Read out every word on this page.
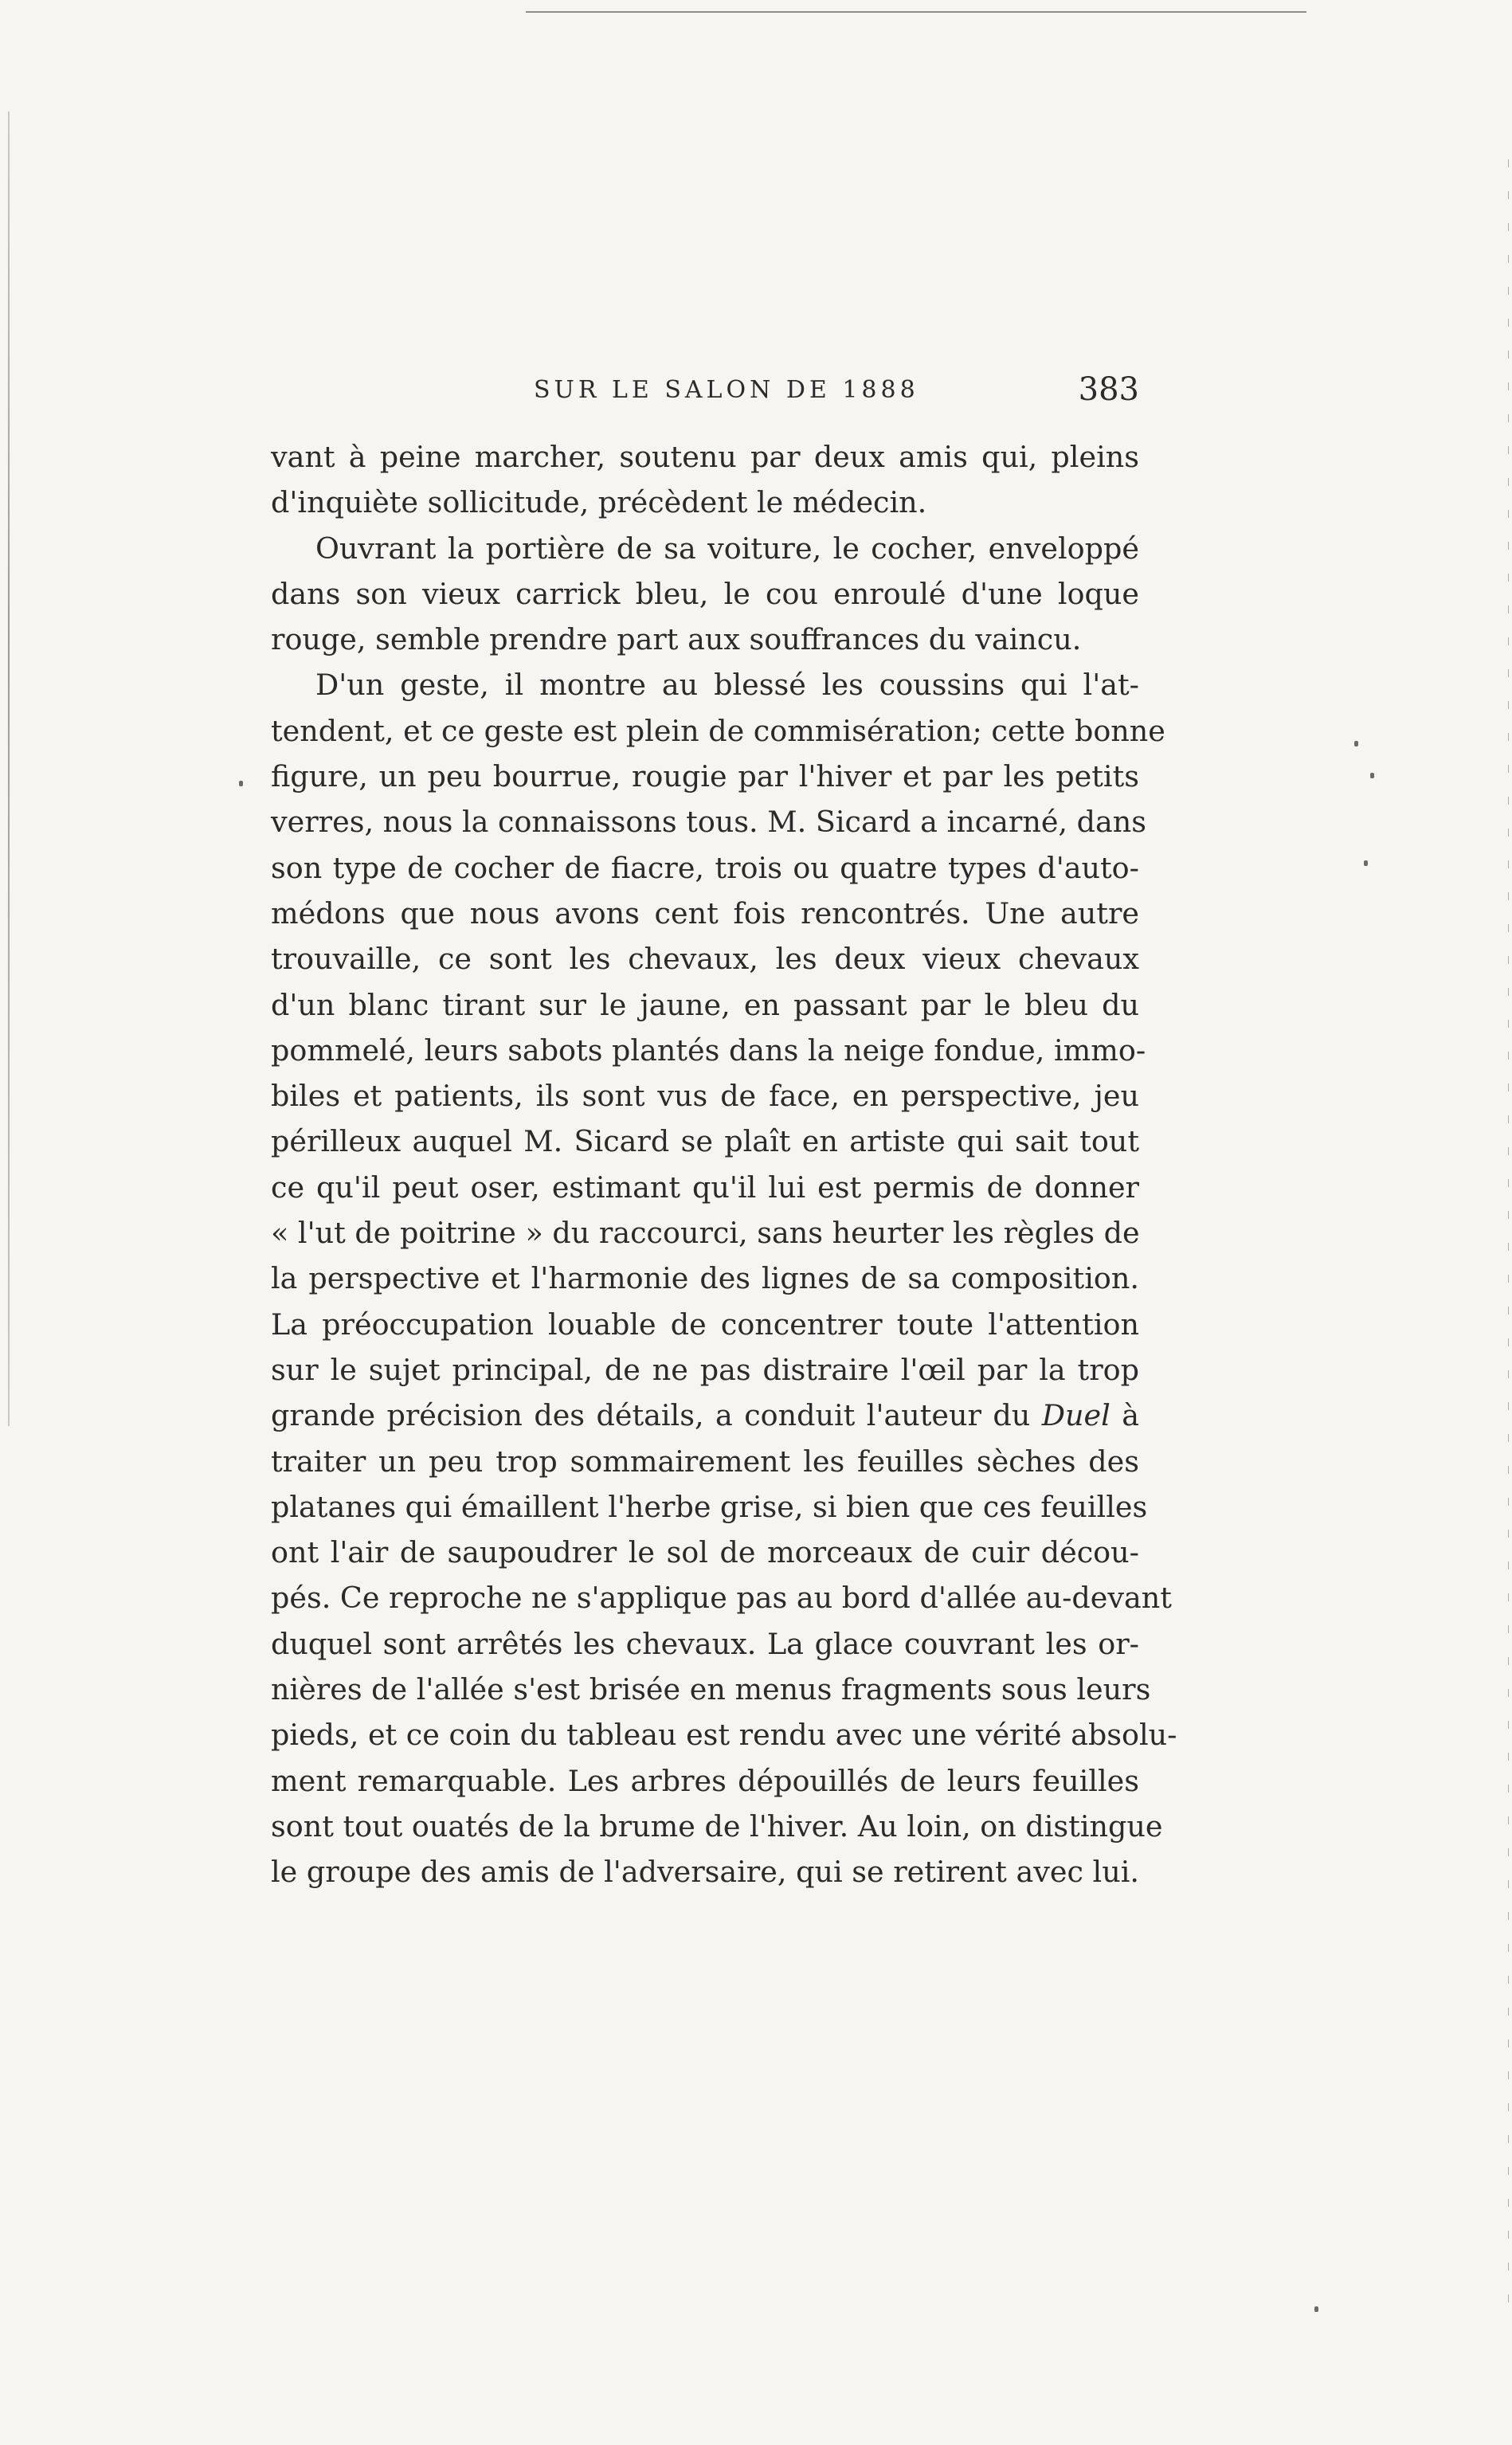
SUR LE SALON DE 1888	383
vant à peine marcher, soutenu par deux amis qui, pleins
d'inquiète sollicitude, précèdent le médecin.
Ouvrant la portière de sa voiture, le cocher, enveloppé
dans son vieux carrick bleu, le cou enroulé d'une loque
rouge, semble prendre part aux souffrances du vaincu.
D'un geste, il montre au blessé les coussins qui l'at-
tendent, et ce geste est plein de commisération; cette bonne
figure, un peu bourrue, rougie par l'hiver et par les petits
verres, nous la connaissons tous. M. Sicard a incarné, dans
son type de cocher de fiacre, trois ou quatre types d'auto-
médons que nous avons cent fois rencontrés. Une autre
trouvaille, ce sont les chevaux, les deux vieux chevaux
d'un blanc tirant sur le jaune, en passant par le bleu du
pommelé, leurs sabots plantés dans la neige fondue, immo-
biles et patients, ils sont vus de face, en perspective, jeu
périlleux auquel M. Sicard se plaît en artiste qui sait tout
ce qu'il peut oser, estimant qu'il lui est permis de donner
« l'ut de poitrine » du raccourci, sans heurter les règles de
la perspective et l'harmonie des lignes de sa composition.
La préoccupation louable de concentrer toute l'attention
sur le sujet principal, de ne pas distraire l'œil par la trop
grande précision des détails, a conduit l'auteur du Duel à
traiter un peu trop sommairement les feuilles sèches des
platanes qui émaillent l'herbe grise, si bien que ces feuilles
ont l'air de saupoudrer le sol de morceaux de cuir décou-
pés. Ce reproche ne s'applique pas au bord d'allée au-devant
duquel sont arrêtés les chevaux. La glace couvrant les or-
nières de l'allée s'est brisée en menus fragments sous leurs
pieds, et ce coin du tableau est rendu avec une vérité absolu-
ment remarquable. Les arbres dépouillés de leurs feuilles
sont tout ouatés de la brume de l'hiver. Au loin, on distingue
le groupe des amis de l'adversaire, qui se retirent avec lui.
